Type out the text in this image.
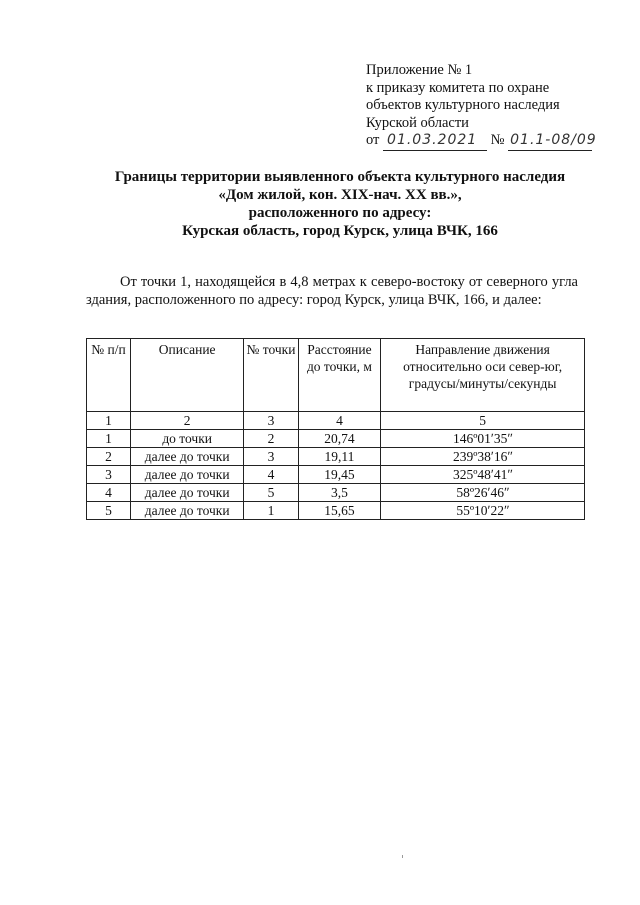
Приложение № 1
к приказу комитета по охране
объектов культурного наследия
Курской области
от 01.03.2021 № 01.1-08/09
Границы территории выявленного объекта культурного наследия
«Дом жилой, кон. XIX-нач. XX вв.»,
расположенного по адресу:
Курская область, город Курск, улица ВЧК, 166
От точки 1, находящейся в 4,8 метрах к северо-востоку от северного угла здания, расположенного по адресу: город Курск, улица ВЧК, 166, и далее:
№ п/п	Описание	№ точки	Расстояние до точки, м	Направление движения относительно оси север-юг, градусы/минуты/секунды
1	2	3	4	5
1	до точки	2	20,74	146º01ʹ35ʺ
2	далее до точки	3	19,11	239º38ʹ16ʺ
3	далее до точки	4	19,45	325º48ʹ41ʺ
4	далее до точки	5	3,5	58º26ʹ46ʺ
5	далее до точки	1	15,65	55º10ʹ22ʺ
